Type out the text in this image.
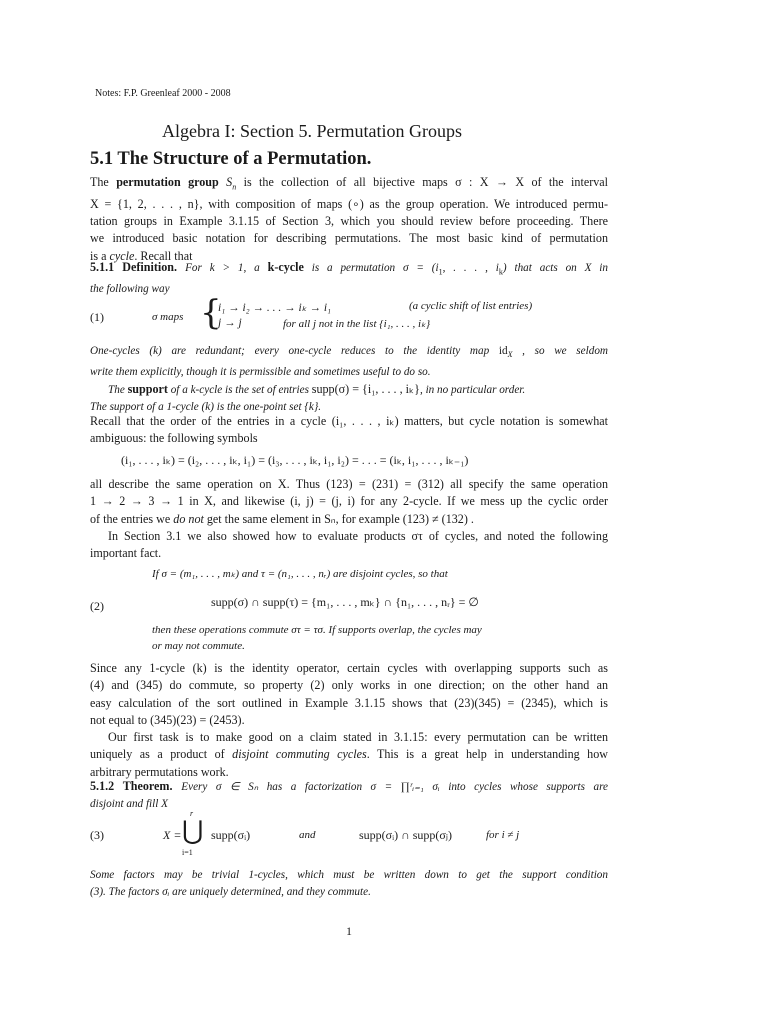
Notes: F.P. Greenleaf 2000 - 2008
Algebra I: Section 5. Permutation Groups
5.1 The Structure of a Permutation.
The permutation group $S_n$ is the collection of all bijective maps σ : X → X of the interval
X = {1, 2, . . . , n}, with composition of maps (∘) as the group operation. We introduced permu-
tation groups in Example 3.1.15 of Section 3, which you should review before proceeding. There
we introduced basic notation for describing permutations. The most basic kind of permutation
is a cycle. Recall that
5.1.1 Definition. For k > 1, a k-cycle is a permutation $\sigma = (i_1$, . . . , $i_k$) that acts on X in
the following way
(1)	σ maps {
i₁ → i₂ → . . . → iₖ → i₁	(a cyclic shift of list entries)
j → j	for all j not in the list {i₁, . . . , iₖ}
One-cycles (k) are redundant; every one-cycle reduces to the identity map $id_X$ , so we seldom
write them explicitly, though it is permissible and sometimes useful to do so.
The support of a k-cycle is the set of entries supp(σ) = {i₁, . . . , iₖ}, in no particular order.
The support of a 1-cycle (k) is the one-point set {k}.
Recall that the order of the entries in a cycle (i₁, . . . , iₖ) matters, but cycle notation is somewhat
ambiguous: the following symbols
(i₁, . . . , iₖ) = (i₂, . . . , iₖ, i₁) = (i₃, . . . , iₖ, i₁, i₂) = . . . = (iₖ, i₁, . . . , iₖ₋₁)
all describe the same operation on X. Thus (123) = (231) = (312) all specify the same operation
1 → 2 → 3 → 1 in X, and likewise (i, j) = (j, i) for any 2-cycle. If we mess up the cyclic order
of the entries we do not get the same element in Sₙ, for example (123) ≠ (132) .
In Section 3.1 we also showed how to evaluate products στ of cycles, and noted the following
important fact.
If σ = (m₁, . . . , mₖ) and τ = (n₁, . . . , nᵣ) are disjoint cycles, so that
(2)	supp(σ) ∩ supp(τ) = {m₁, . . . , mₖ} ∩ {n₁, . . . , nᵣ} = ∅
then these operations commute στ = τσ. If supports overlap, the cycles may
or may not commute.
Since any 1-cycle (k) is the identity operator, certain cycles with overlapping supports such as
(4) and (345) do commute, so property (2) only works in one direction; on the other hand an
easy calculation of the sort outlined in Example 3.1.15 shows that (23)(345) = (2345), which is
not equal to (345)(23) = (2453).
Our first task is to make good on a claim stated in 3.1.15: every permutation can be written
uniquely as a product of disjoint commuting cycles. This is a great help in understanding how
arbitrary permutations work.
5.1.2 Theorem. Every σ ∈ Sₙ has a factorization σ = ∏ʳᵢ₌₁ σᵢ into cycles whose supports are
disjoint and fill X
(3)	X =
r
⋃
i=1
supp(σᵢ)	and	supp(σᵢ) ∩ supp(σⱼ)	for i ≠ j
Some factors may be trivial 1-cycles, which must be written down to get the support condition
(3). The factors σᵢ are uniquely determined, and they commute.
1
